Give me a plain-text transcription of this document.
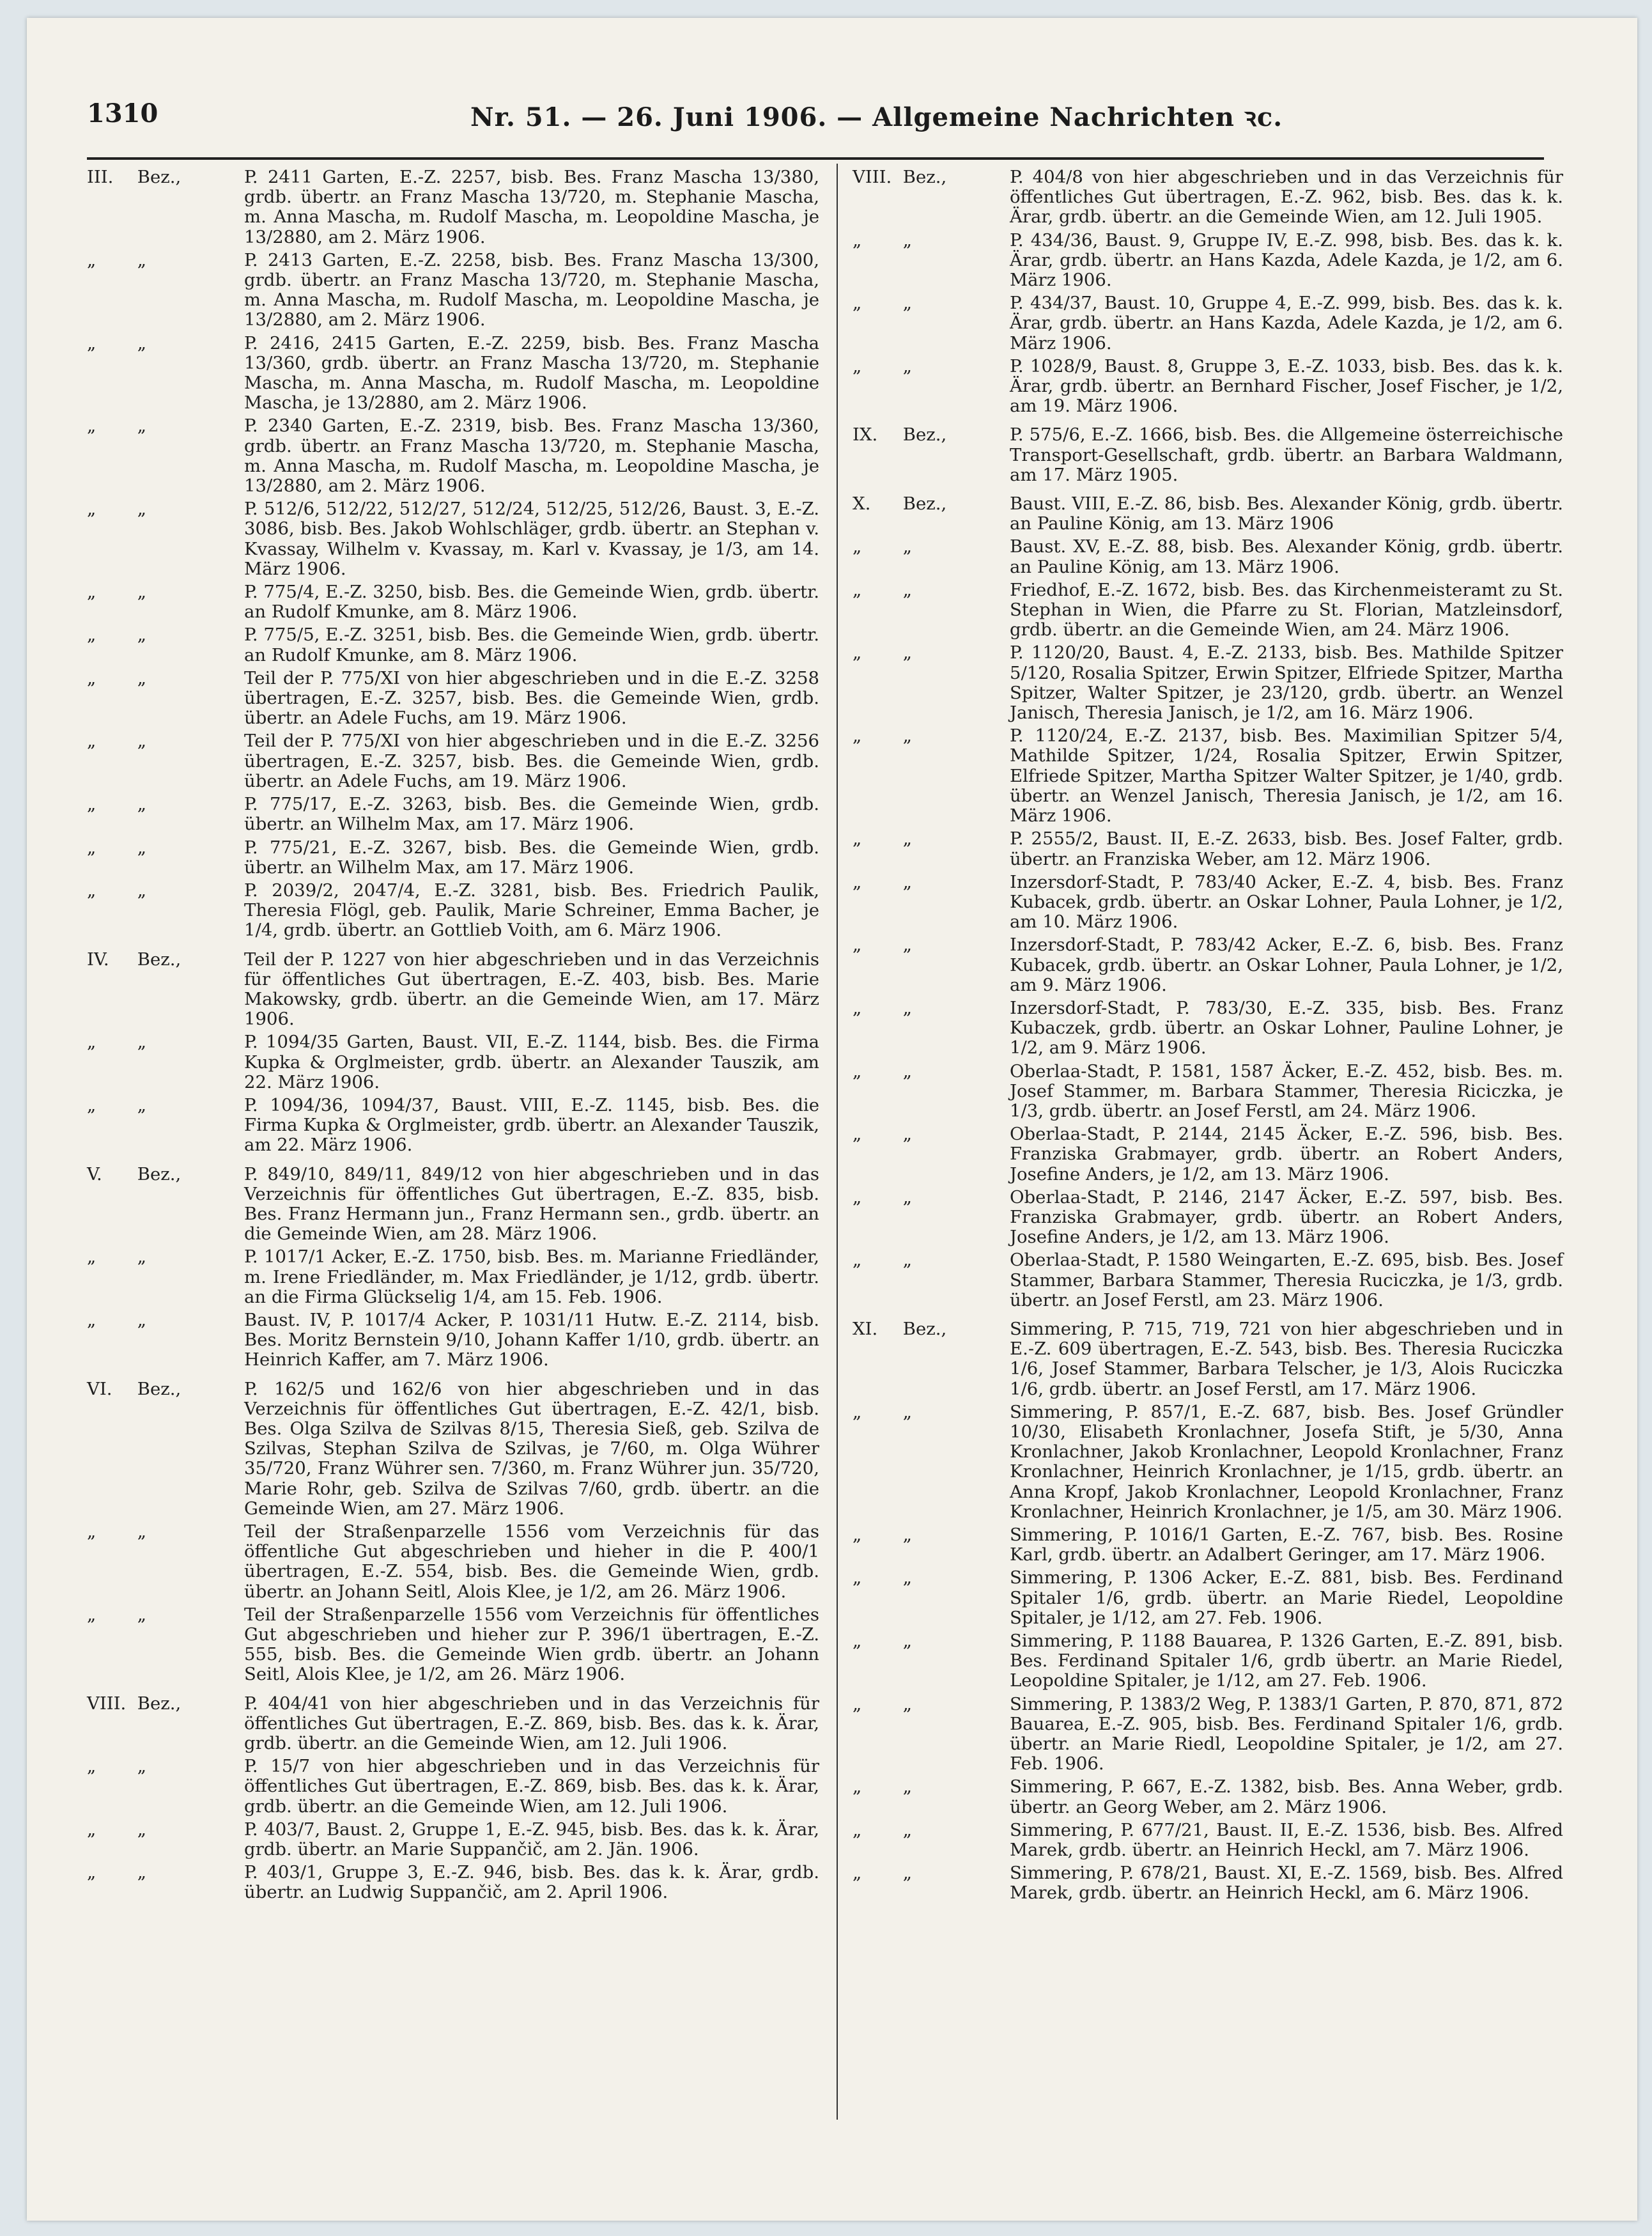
1310	Nr. 51. — 26. Juni 1906. — Allgemeine Nachrichten ꝛc.
III. Bez.,	P. 2411 Garten, E.-Z. 2257, bisb. Bes. Franz Mascha 13/380, grdb. übertr. an Franz Mascha 13/720, m. Stephanie Mascha, m. Anna Mascha, m. Rudolf Mascha, m. Leopoldine Mascha, je 13/2880, am 2. März 1906.
„ „	P. 2413 Garten, E.-Z. 2258, bisb. Bes. Franz Mascha 13/300, grdb. übertr. an Franz Mascha 13/720, m. Stephanie Mascha, m. Anna Mascha, m. Rudolf Mascha, m. Leopoldine Mascha, je 13/2880, am 2. März 1906.
„ „	P. 2416, 2415 Garten, E.-Z. 2259, bisb. Bes. Franz Mascha 13/360, grdb. übertr. an Franz Mascha 13/720, m. Stephanie Mascha, m. Anna Mascha, m. Rudolf Mascha, m. Leopoldine Mascha, je 13/2880, am 2. März 1906.
„ „	P. 2340 Garten, E.-Z. 2319, bisb. Bes. Franz Mascha 13/360, grdb. übertr. an Franz Mascha 13/720, m. Stephanie Mascha, m. Anna Mascha, m. Rudolf Mascha, m. Leopoldine Mascha, je 13/2880, am 2. März 1906.
„ „	P. 512/6, 512/22, 512/27, 512/24, 512/25, 512/26, Baust. 3, E.-Z. 3086, bisb. Bes. Jakob Wohlschläger, grdb. übertr. an Stephan v. Kvassay, Wilhelm v. Kvassay, m. Karl v. Kvassay, je 1/3, am 14. März 1906.
„ „	P. 775/4, E.-Z. 3250, bisb. Bes. die Gemeinde Wien, grdb. übertr. an Rudolf Kmunke, am 8. März 1906.
„ „	P. 775/5, E.-Z. 3251, bisb. Bes. die Gemeinde Wien, grdb. übertr. an Rudolf Kmunke, am 8. März 1906.
„ „	Teil der P. 775/XI von hier abgeschrieben und in die E.-Z. 3258 übertragen, E.-Z. 3257, bisb. Bes. die Gemeinde Wien, grdb. übertr. an Adele Fuchs, am 19. März 1906.
„ „	Teil der P. 775/XI von hier abgeschrieben und in die E.-Z. 3256 übertragen, E.-Z. 3257, bisb. Bes. die Gemeinde Wien, grdb. übertr. an Adele Fuchs, am 19. März 1906.
„ „	P. 775/17, E.-Z. 3263, bisb. Bes. die Gemeinde Wien, grdb. übertr. an Wilhelm Max, am 17. März 1906.
„ „	P. 775/21, E.-Z. 3267, bisb. Bes. die Gemeinde Wien, grdb. übertr. an Wilhelm Max, am 17. März 1906.
„ „	P. 2039/2, 2047/4, E.-Z. 3281, bisb. Bes. Friedrich Paulik, Theresia Flögl, geb. Paulik, Marie Schreiner, Emma Bacher, je 1/4, grdb. übertr. an Gottlieb Voith, am 6. März 1906.
IV. Bez.,	Teil der P. 1227 von hier abgeschrieben und in das Verzeichnis für öffentliches Gut übertragen, E.-Z. 403, bisb. Bes. Marie Makowsky, grdb. übertr. an die Gemeinde Wien, am 17. März 1906.
„ „	P. 1094/35 Garten, Baust. VII, E.-Z. 1144, bisb. Bes. die Firma Kupka & Orglmeister, grdb. übertr. an Alexander Tauszik, am 22. März 1906.
„ „	P. 1094/36, 1094/37, Baust. VIII, E.-Z. 1145, bisb. Bes. die Firma Kupka & Orglmeister, grdb. übertr. an Alexander Tauszik, am 22. März 1906.
V. Bez.,	P. 849/10, 849/11, 849/12 von hier abgeschrieben und in das Verzeichnis für öffentliches Gut übertragen, E.-Z. 835, bisb. Bes. Franz Hermann jun., Franz Hermann sen., grdb. übertr. an die Gemeinde Wien, am 28. März 1906.
„ „	P. 1017/1 Acker, E.-Z. 1750, bisb. Bes. m. Marianne Friedländer, m. Irene Friedländer, m. Max Friedländer, je 1/12, grdb. übertr. an die Firma Glückselig 1/4, am 15. Feb. 1906.
„ „	Baust. IV, P. 1017/4 Acker, P. 1031/11 Hutw. E.-Z. 2114, bisb. Bes. Moritz Bernstein 9/10, Johann Kaffer 1/10, grdb. übertr. an Heinrich Kaffer, am 7. März 1906.
VI. Bez.,	P. 162/5 und 162/6 von hier abgeschrieben und in das Verzeichnis für öffentliches Gut übertragen, E.-Z. 42/1, bisb. Bes. Olga Szilva de Szilvas 8/15, Theresia Sieß, geb. Szilva de Szilvas, Stephan Szilva de Szilvas, je 7/60, m. Olga Wührer 35/720, Franz Wührer sen. 7/360, m. Franz Wührer jun. 35/720, Marie Rohr, geb. Szilva de Szilvas 7/60, grdb. übertr. an die Gemeinde Wien, am 27. März 1906.
„ „	Teil der Straßenparzelle 1556 vom Verzeichnis für das öffentliche Gut abgeschrieben und hieher in die P. 400/1 übertragen, E.-Z. 554, bisb. Bes. die Gemeinde Wien, grdb. übertr. an Johann Seitl, Alois Klee, je 1/2, am 26. März 1906.
„ „	Teil der Straßenparzelle 1556 vom Verzeichnis für öffentliches Gut abgeschrieben und hieher zur P. 396/1 übertragen, E.-Z. 555, bisb. Bes. die Gemeinde Wien grdb. übertr. an Johann Seitl, Alois Klee, je 1/2, am 26. März 1906.
VIII. Bez.,	P. 404/41 von hier abgeschrieben und in das Verzeichnis für öffentliches Gut übertragen, E.-Z. 869, bisb. Bes. das k. k. Ärar, grdb. übertr. an die Gemeinde Wien, am 12. Juli 1906.
„ „	P. 15/7 von hier abgeschrieben und in das Verzeichnis für öffentliches Gut übertragen, E.-Z. 869, bisb. Bes. das k. k. Ärar, grdb. übertr. an die Gemeinde Wien, am 12. Juli 1906.
„ „	P. 403/7, Baust. 2, Gruppe 1, E.-Z. 945, bisb. Bes. das k. k. Ärar, grdb. übertr. an Marie Suppančič, am 2. Jän. 1906.
„ „	P. 403/1, Gruppe 3, E.-Z. 946, bisb. Bes. das k. k. Ärar, grdb. übertr. an Ludwig Suppančič, am 2. April 1906.
VIII. Bez.,	P. 404/8 von hier abgeschrieben und in das Verzeichnis für öffentliches Gut übertragen, E.-Z. 962, bisb. Bes. das k. k. Ärar, grdb. übertr. an die Gemeinde Wien, am 12. Juli 1905.
„ „	P. 434/36, Baust. 9, Gruppe IV, E.-Z. 998, bisb. Bes. das k. k. Ärar, grdb. übertr. an Hans Kazda, Adele Kazda, je 1/2, am 6. März 1906.
„ „	P. 434/37, Baust. 10, Gruppe 4, E.-Z. 999, bisb. Bes. das k. k. Ärar, grdb. übertr. an Hans Kazda, Adele Kazda, je 1/2, am 6. März 1906.
„ „	P. 1028/9, Baust. 8, Gruppe 3, E.-Z. 1033, bisb. Bes. das k. k. Ärar, grdb. übertr. an Bernhard Fischer, Josef Fischer, je 1/2, am 19. März 1906.
IX. Bez.,	P. 575/6, E.-Z. 1666, bisb. Bes. die Allgemeine österreichische Transport-Gesellschaft, grdb. übertr. an Barbara Waldmann, am 17. März 1905.
X. Bez.,	Baust. VIII, E.-Z. 86, bisb. Bes. Alexander König, grdb. übertr. an Pauline König, am 13. März 1906
„ „	Baust. XV, E.-Z. 88, bisb. Bes. Alexander König, grdb. übertr. an Pauline König, am 13. März 1906.
„ „	Friedhof, E.-Z. 1672, bisb. Bes. das Kirchenmeisteramt zu St. Stephan in Wien, die Pfarre zu St. Florian, Matzleinsdorf, grdb. übertr. an die Gemeinde Wien, am 24. März 1906.
„ „	P. 1120/20, Baust. 4, E.-Z. 2133, bisb. Bes. Mathilde Spitzer 5/120, Rosalia Spitzer, Erwin Spitzer, Elfriede Spitzer, Martha Spitzer, Walter Spitzer, je 23/120, grdb. übertr. an Wenzel Janisch, Theresia Janisch, je 1/2, am 16. März 1906.
„ „	P. 1120/24, E.-Z. 2137, bisb. Bes. Maximilian Spitzer 5/4, Mathilde Spitzer, 1/24, Rosalia Spitzer, Erwin Spitzer, Elfriede Spitzer, Martha Spitzer Walter Spitzer, je 1/40, grdb. übertr. an Wenzel Janisch, Theresia Janisch, je 1/2, am 16. März 1906.
„ „	P. 2555/2, Baust. II, E.-Z. 2633, bisb. Bes. Josef Falter, grdb. übertr. an Franziska Weber, am 12. März 1906.
„ „	Inzersdorf-Stadt, P. 783/40 Acker, E.-Z. 4, bisb. Bes. Franz Kubacek, grdb. übertr. an Oskar Lohner, Paula Lohner, je 1/2, am 10. März 1906.
„ „	Inzersdorf-Stadt, P. 783/42 Acker, E.-Z. 6, bisb. Bes. Franz Kubacek, grdb. übertr. an Oskar Lohner, Paula Lohner, je 1/2, am 9. März 1906.
„ „	Inzersdorf-Stadt, P. 783/30, E.-Z. 335, bisb. Bes. Franz Kubaczek, grdb. übertr. an Oskar Lohner, Pauline Lohner, je 1/2, am 9. März 1906.
„ „	Oberlaa-Stadt, P. 1581, 1587 Äcker, E.-Z. 452, bisb. Bes. m. Josef Stammer, m. Barbara Stammer, Theresia Riciczka, je 1/3, grdb. übertr. an Josef Ferstl, am 24. März 1906.
„ „	Oberlaa-Stadt, P. 2144, 2145 Äcker, E.-Z. 596, bisb. Bes. Franziska Grabmayer, grdb. übertr. an Robert Anders, Josefine Anders, je 1/2, am 13. März 1906.
„ „	Oberlaa-Stadt, P. 2146, 2147 Äcker, E.-Z. 597, bisb. Bes. Franziska Grabmayer, grdb. übertr. an Robert Anders, Josefine Anders, je 1/2, am 13. März 1906.
„ „	Oberlaa-Stadt, P. 1580 Weingarten, E.-Z. 695, bisb. Bes. Josef Stammer, Barbara Stammer, Theresia Ruciczka, je 1/3, grdb. übertr. an Josef Ferstl, am 23. März 1906.
XI. Bez.,	Simmering, P. 715, 719, 721 von hier abgeschrieben und in E.-Z. 609 übertragen, E.-Z. 543, bisb. Bes. Theresia Ruciczka 1/6, Josef Stammer, Barbara Telscher, je 1/3, Alois Ruciczka 1/6, grdb. übertr. an Josef Ferstl, am 17. März 1906.
„ „	Simmering, P. 857/1, E.-Z. 687, bisb. Bes. Josef Gründler 10/30, Elisabeth Kronlachner, Josefa Stift, je 5/30, Anna Kronlachner, Jakob Kronlachner, Leopold Kronlachner, Franz Kronlachner, Heinrich Kronlachner, je 1/15, grdb. übertr. an Anna Kropf, Jakob Kronlachner, Leopold Kronlachner, Franz Kronlachner, Heinrich Kronlachner, je 1/5, am 30. März 1906.
„ „	Simmering, P. 1016/1 Garten, E.-Z. 767, bisb. Bes. Rosine Karl, grdb. übertr. an Adalbert Geringer, am 17. März 1906.
„ „	Simmering, P. 1306 Acker, E.-Z. 881, bisb. Bes. Ferdinand Spitaler 1/6, grdb. übertr. an Marie Riedel, Leopoldine Spitaler, je 1/12, am 27. Feb. 1906.
„ „	Simmering, P. 1188 Bauarea, P. 1326 Garten, E.-Z. 891, bisb. Bes. Ferdinand Spitaler 1/6, grdb übertr. an Marie Riedel, Leopoldine Spitaler, je 1/12, am 27. Feb. 1906.
„ „	Simmering, P. 1383/2 Weg, P. 1383/1 Garten, P. 870, 871, 872 Bauarea, E.-Z. 905, bisb. Bes. Ferdinand Spitaler 1/6, grdb. übertr. an Marie Riedl, Leopoldine Spitaler, je 1/2, am 27. Feb. 1906.
„ „	Simmering, P. 667, E.-Z. 1382, bisb. Bes. Anna Weber, grdb. übertr. an Georg Weber, am 2. März 1906.
„ „	Simmering, P. 677/21, Baust. II, E.-Z. 1536, bisb. Bes. Alfred Marek, grdb. übertr. an Heinrich Heckl, am 7. März 1906.
„ „	Simmering, P. 678/21, Baust. XI, E.-Z. 1569, bisb. Bes. Alfred Marek, grdb. übertr. an Heinrich Heckl, am 6. März 1906.
